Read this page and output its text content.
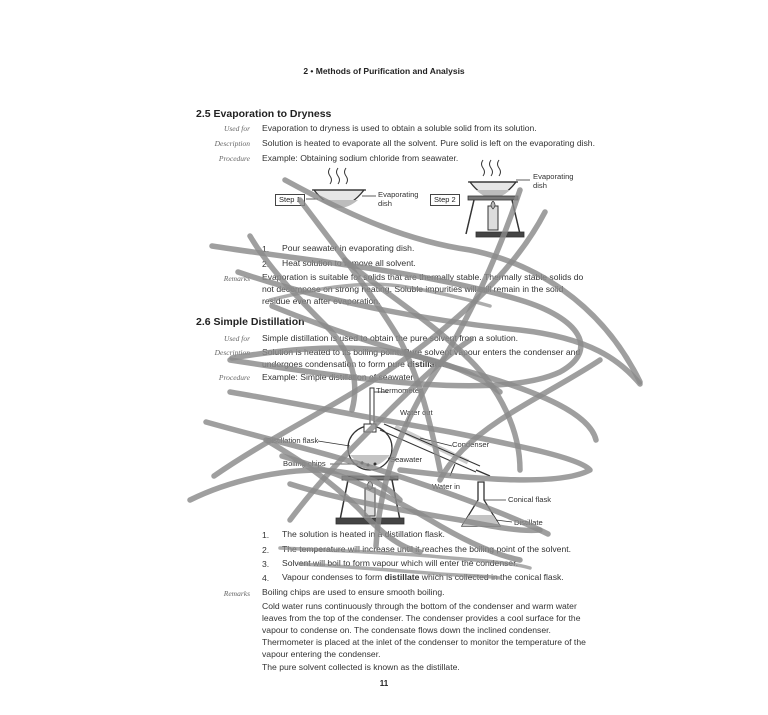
2 • Methods of Purification and Analysis
2.5 Evaporation to Dryness
Used for Evaporation to dryness is used to obtain a soluble solid from its solution.
Description Solution is heated to evaporate all the solvent. Pure solid is left on the evaporating dish.
Procedure Example: Obtaining sodium chloride from seawater.
Step 1	Step 2
Evaporating dish
Evaporating dish
1. Pour seawater in evaporating dish.
2. Heat solution to remove all solvent.
Remarks Evaporation is suitable for solids that are thermally stable. Thermally stable solids do not decompose on strong heating. Soluble impurities will still remain in the solid residue even after evaporation.
2.6 Simple Distillation
Used for Simple distillation is used to obtain the pure solvent from a solution.
Description Solution is heated to its boiling point. Pure solvent vapour enters the condenser and undergoes condensation to form pure distillate.
Procedure Example: Simple distillation of seawater
Thermometer
Water out
Distillation flask	Condenser
Boiling chips	Seawater
Water in
Conical flask
Distillate
1. The solution is heated in a distillation flask.
2. The temperature will increase until it reaches the boiling point of the solvent.
3. Solvent will boil to form vapour which will enter the condenser.
4. Vapour condenses to form distillate which is collected in the conical flask.
Remarks Boiling chips are used to ensure smooth boiling.
Cold water runs continuously through the bottom of the condenser and warm water leaves from the top of the condenser. The condenser provides a cool surface for the vapour to condense on. The condensate flows down the inclined condenser.
Thermometer is placed at the inlet of the condenser to monitor the temperature of the vapour entering the condenser.
The pure solvent collected is known as the distillate.
11
